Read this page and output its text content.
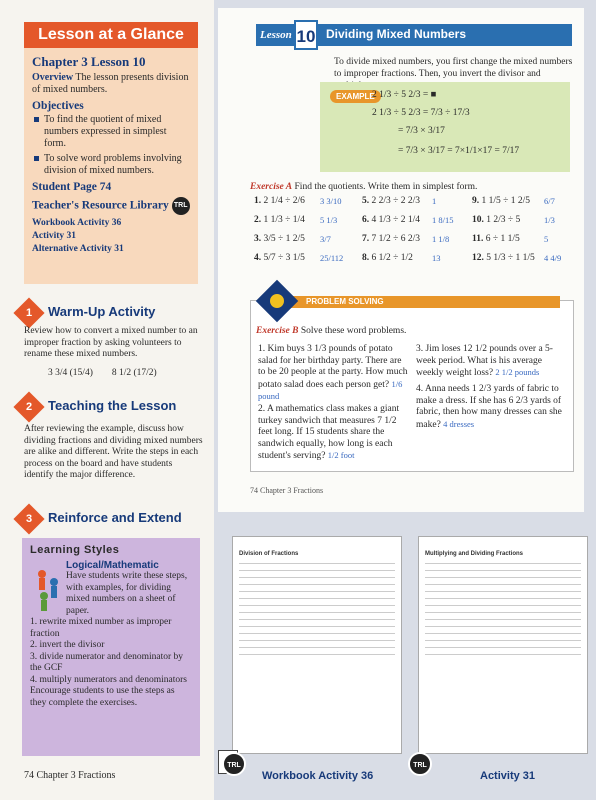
Lesson at a Glance
Chapter 3 Lesson 10
Overview The lesson presents division of mixed numbers.
Objectives
To find the quotient of mixed numbers expressed in simplest form.
To solve word problems involving division of mixed numbers.
Student Page 74
Teacher's Resource Library TRL
Workbook Activity 36
Activity 31
Alternative Activity 31
1	Warm-Up Activity
Review how to convert a mixed number to an improper fraction by asking volunteers to rename these mixed numbers.
3 3/4 (15/4) 8 1/2 (17/2)
2	Teaching the Lesson
After reviewing the example, discuss how dividing fractions and dividing mixed numbers are alike and different. Write the steps in each process on the board and have students identify the major difference.
3	Reinforce and Extend
Learning Styles
Logical/Mathematic
Have students write these steps, with examples, for dividing mixed numbers on a sheet of paper.
1. rewrite mixed number as improper fraction
2. invert the divisor
3. divide numerator and denominator by the GCF
4. multiply numerators and denominators
Encourage students to use the steps as they complete the exercises.
74 Chapter 3 Fractions
Lesson 10 Dividing Mixed Numbers
To divide mixed numbers, you first change the mixed numbers to improper fractions. Then, you invert the divisor and
EXAMPLE
2 1/3 ÷ 5 2/3 = ■
2 1/3 ÷ 5 2/3 = 7/3 ÷ 17/3
= 7/3 × 3/17
= 7/3 × 3/17 = 7×1/1×17 = 7/17
Exercise A Find the quotients. Write them in simplest form.
1. 2 1/4 ÷ 2/6 3 3/10 5. 2 2/3 ÷ 2 2/3 1	9. 1 1/5 ÷ 1 2/5 6/7
2. 1 1/3 ÷ 1/4 5 1/3	6. 4 1/3 ÷ 2 1/4 1 8/15 10. 1 2/3 ÷ 5	1/3
3. 3/5 ÷ 1 2/5 3/7	7. 7 1/2 ÷ 6 2/3 1 1/8 11. 6 ÷ 1 1/5	5
4. 5/7 ÷ 3 1/5 25/112 8. 6 1/2 ÷ 1/2 13	12. 5 1/3 ÷ 1 1/5 4 4/9
PROBLEM SOLVING
Exercise B Solve these word problems.
1. Kim buys 3 1/3 pounds of potato salad for her birthday party. There are to be 20 people at the party. How much potato salad does each person get? 1/6 pound
2. A mathematics class makes a giant turkey sandwich that measures 7 1/2 feet long. If 15 students share the sandwich equally, how long is each student's serving? 1/2 foot
3. Jim loses 12 1/2 pounds over a 5-week period. What is his average weekly weight loss? 2 1/2 pounds
4. Anna needs 1 2/3 yards of fabric to make a dress. If she has 6 2/3 yards of fabric, then how many dresses can she make? 4 dresses
74 Chapter 3 Fractions
Division of Fractions	Multiplying and Dividing Fractions
TRL	TRL
Workbook Activity 36	Activity 31
